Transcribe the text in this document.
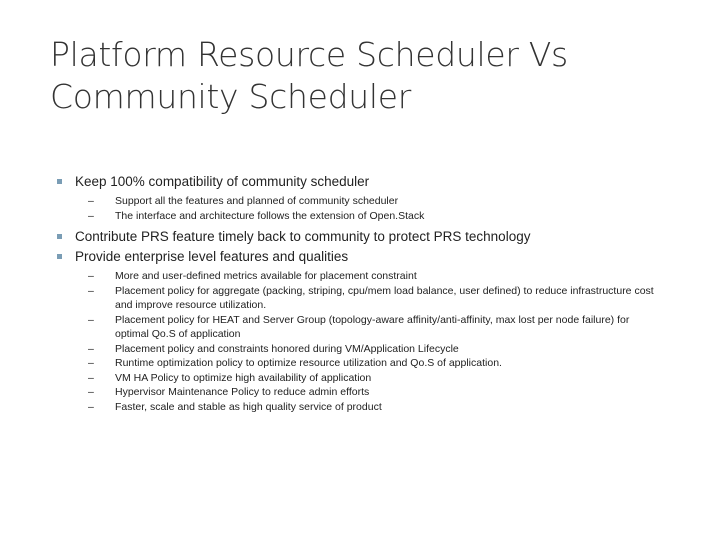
Platform Resource Scheduler Vs
Community Scheduler
Keep 100% compatibility of community scheduler
– Support all the features and planned of community scheduler
– The interface and architecture follows the extension of Open.Stack
Contribute PRS feature timely back to community to protect PRS technology
Provide enterprise level features and qualities
– More and user-defined metrics available for placement constraint
– Placement policy for aggregate (packing, striping, cpu/mem load balance, user defined) to reduce infrastructure cost and improve resource utilization.
– Placement policy for HEAT and Server Group (topology-aware affinity/anti-affinity, max lost per node failure) for optimal Qo.S of application
– Placement policy and constraints honored during VM/Application Lifecycle
– Runtime optimization policy to optimize resource utilization and Qo.S of application.
– VM HA Policy to optimize high availability of application
– Hypervisor Maintenance Policy to reduce admin efforts
– Faster, scale and stable as high quality service of product
